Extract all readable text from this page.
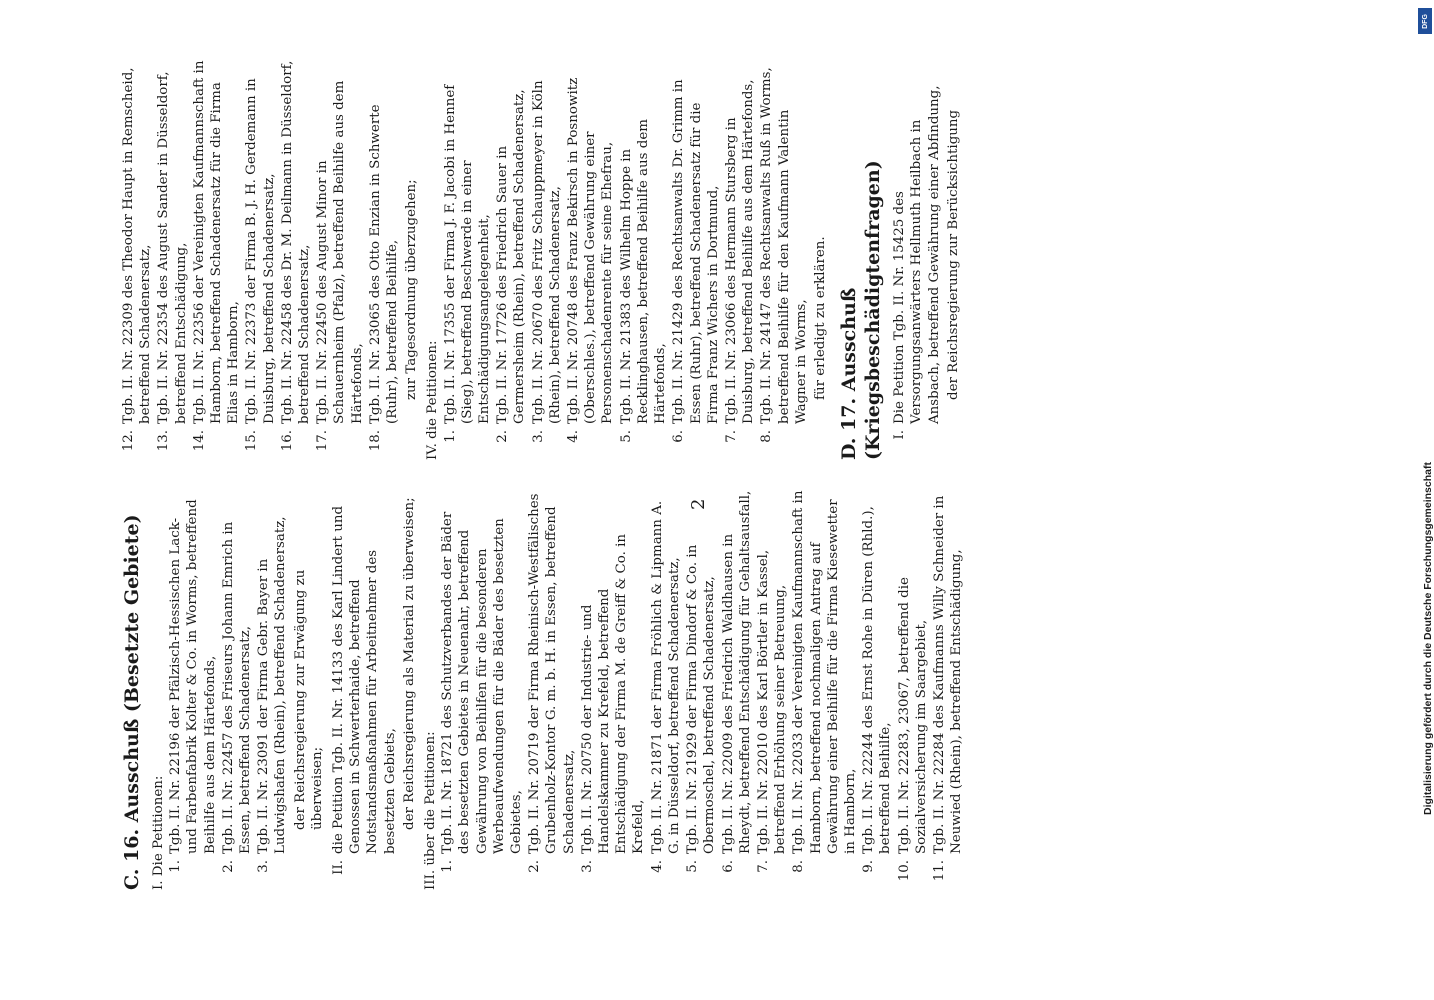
2
C. 16. Ausschuß (Besetzte Gebiete) I. Die Petitionen: 1.
Tgb. II. Nr. 22196 der Pfälzisch-Hessischen Lack- und Farbenfabrik Kolter & Co. in Worms, betreffend Beihilfe aus dem Härtefonds,
2.
Tgb. II. Nr. 22457 des Friseurs Johann Emrich in Essen, betreffend Schadenersatz,
3.
Tgb. II. Nr. 23091 der Firma Gebr. Bayer in Ludwigshafen (Rhein), betreffend Schadenersatz, der Reichsregierung zur Erwägung zu überweisen;
II.
die Petition Tgb. II. Nr. 14133 des Karl Lindert und Genossen in Schwerterhaide, betreffend Notstandsmaßnahmen für Arbeitnehmer des besetzten Gebiets, der Reichsregierung als Material zu überweisen; III. über die Petitionen: 1.
Tgb. II. Nr. 18721 des Schutzverbandes der Bäder des besetzten Gebietes in Neuenahr, betreffend Gewährung von Beihilfen für die besonderen Werbeaufwendungen für die Bäder des besetzten Gebietes,
2.
Tgb. II. Nr. 20719 der Firma Rheinisch-Westfälisches Grubenholz-Kontor G. m. b. H. in Essen, betreffend Schadenersatz,
3.
Tgb. II. Nr. 20750 der Industrie- und Handelskammer zu Krefeld, betreffend Entschädigung der Firma M. de Greiff & Co. in Krefeld,
4.
Tgb. II. Nr. 21871 der Firma Fröhlich & Lipmann A. G. in Düsseldorf, betreffend Schadenersatz,
5.
Tgb. II. Nr. 21929 der Firma Dindorf & Co. in Obermoschel, betreffend Schadenersatz,
6.
Tgb. II. Nr. 22009 des Friedrich Waldhausen in Rheydt, betreffend Entschädigung für Gehaltsausfall,
7.
Tgb. II. Nr. 22010 des Karl Börtler in Kassel, betreffend Erhöhung seiner Betreuung,
8.
Tgb. II. Nr. 22033 der Vereinigten Kaufmannschaft in Hamborn, betreffend nochmaligen Antrag auf Gewährung einer Beihilfe für die Firma Kiesewetter in Hamborn,
9.
Tgb. II. Nr. 22244 des Ernst Rohe in Düren (Rhld.), betreffend Beihilfe,
10.
Tgb. II. Nr. 22283, 23067, betreffend die Sozialversicherung im Saargebiet,
11.
Tgb. II. Nr. 22284 des Kaufmanns Willy Schneider in Neuwied (Rhein), betreffend Entschädigung,
12.
Tgb. II. Nr. 22309 des Theodor Haupt in Remscheid, betreffend Schadenersatz,
13.
Tgb. II. Nr. 22354 des August Sander in Düsseldorf, betreffend Entschädigung,
14.
Tgb. II. Nr. 22356 der Vereinigten Kaufmannschaft in Hamborn, betreffend Schadenersatz für die Firma Elias in Hamborn,
15.
Tgb. II. Nr. 22373 der Firma B. J. H. Gerdemann in Duisburg, betreffend Schadenersatz,
16.
Tgb. II. Nr. 22458 des Dr. M. Deilmann in Düsseldorf, betreffend Schadenersatz,
17.
Tgb. II. Nr. 22450 des August Minor in Schauernheim (Pfalz), betreffend Beihilfe aus dem Härtefonds,
18.
Tgb. II. Nr. 23065 des Otto Enzian in Schwerte (Ruhr), betreffend Beihilfe, zur Tagesordnung überzugehen;
IV. die Petitionen: 1.
Tgb. II. Nr. 17355 der Firma J. F. Jacobi in Hennef (Sieg), betreffend Beschwerde in einer Entschädigungsangelegenheit,
2.
Tgb. II. Nr. 17726 des Friedrich Sauer in Germersheim (Rhein), betreffend Schadenersatz,
3.
Tgb. II. Nr. 20670 des Fritz Schauppmeyer in Köln (Rhein), betreffend Schadenersatz,
4.
Tgb. II. Nr. 20748 des Franz Bekirsch in Posnowitz (Oberschles.), betreffend Gewährung einer Personenschadenrente für seine Ehefrau,
5.
Tgb. II. Nr. 21383 des Wilhelm Hoppe in Recklinghausen, betreffend Beihilfe aus dem Härtefonds,
6.
Tgb. II. Nr. 21429 des Rechtsanwalts Dr. Grimm in Essen (Ruhr), betreffend Schadenersatz für die Firma Franz Wichers in Dortmund,
7.
Tgb. II. Nr. 23066 des Hermann Stursberg in Duisburg, betreffend Beihilfe aus dem Härtefonds,
8.
Tgb. II. Nr. 24147 des Rechtsanwalts Ruß in Worms, betreffend Beihilfe für den Kaufmann Valentin Wagner in Worms, für erledigt zu erklären. D. 17. Ausschuß (Kriegsbeschädigtenfragen) I.
Die Petition Tgb. II. Nr. 15425 des Versorgungsanwärters Hellmuth Heilbach in Ansbach, betreffend Gewährung einer Abfindung, der Reichsregierung zur Berücksichtigung
Digitalisierung gefördert durch die Deutsche Forschungsgemeinschaft
DFG
